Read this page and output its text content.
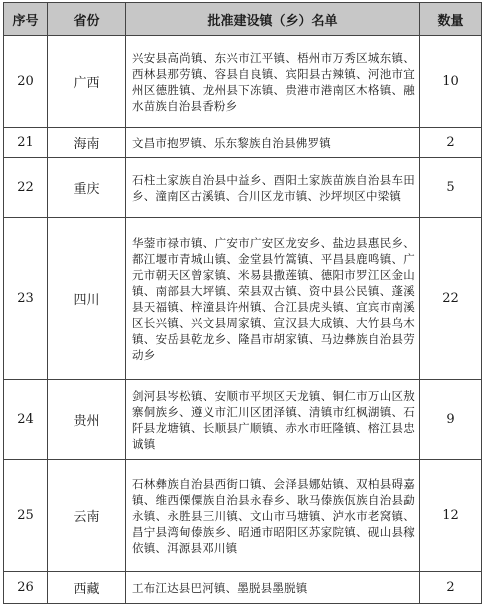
序号	省份	批准建设镇（乡）名单	数量
20	广西	兴安县高尚镇、东兴市江平镇、梧州市万秀区城东镇、西林县那劳镇、容县自良镇、宾阳县古辣镇、河池市宜州区德胜镇、龙州县下冻镇、贵港市港南区木格镇、融水苗族自治县香粉乡	10
21	海南	文昌市抱罗镇、乐东黎族自治县佛罗镇	2
22	重庆	石柱土家族自治县中益乡、酉阳土家族苗族自治县车田乡、潼南区古溪镇、合川区龙市镇、沙坪坝区中梁镇	5
23	四川	华蓥市禄市镇、广安市广安区龙安乡、盐边县惠民乡、都江堰市青城山镇、金堂县竹篙镇、平昌县鹿鸣镇、广元市朝天区曾家镇、米易县撒莲镇、德阳市罗江区金山镇、南部县大坪镇、荣县双古镇、资中县公民镇、蓬溪县天福镇、梓潼县许州镇、合江县虎头镇、宜宾市南溪区长兴镇、兴文县周家镇、宣汉县大成镇、大竹县乌木镇、安岳县乾龙乡、隆昌市胡家镇、马边彝族自治县劳动乡	22
24	贵州	剑河县岑松镇、安顺市平坝区天龙镇、铜仁市万山区敖寨侗族乡、遵义市汇川区团泽镇、清镇市红枫湖镇、石阡县龙塘镇、长顺县广顺镇、赤水市旺隆镇、榕江县忠诚镇	9
25	云南	石林彝族自治县西街口镇、会泽县娜姑镇、双柏县碍嘉镇、维西傈僳族自治县永春乡、耿马傣族佤族自治县勐永镇、永胜县三川镇、文山市马塘镇、泸水市老窝镇、昌宁县湾甸傣族乡、昭通市昭阳区苏家院镇、砚山县稼依镇、洱源县邓川镇	12
26	西藏	工布江达县巴河镇、墨脱县墨脱镇	2
